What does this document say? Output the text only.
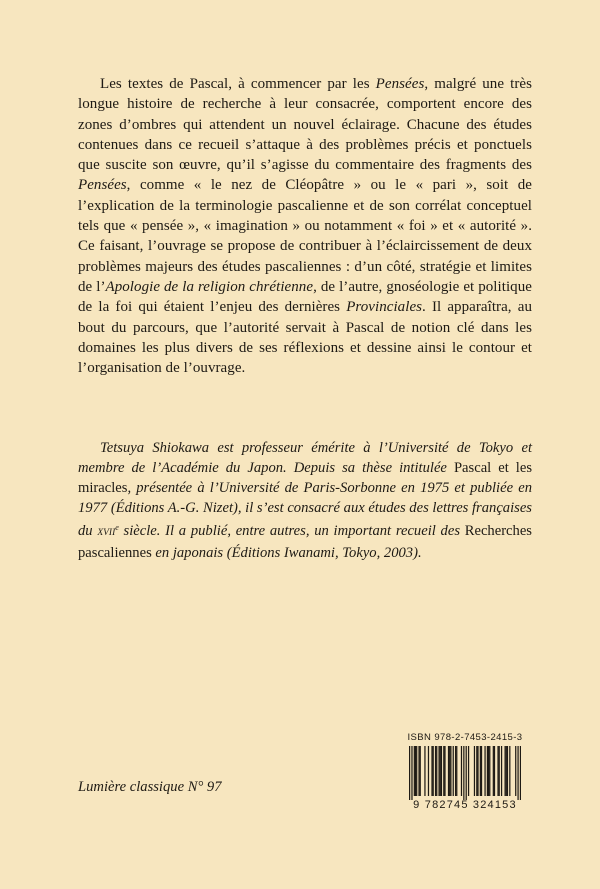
Les textes de Pascal, à commencer par les Pensées, malgré une très longue histoire de recherche à leur consacrée, comportent encore des zones d’ombres qui attendent un nouvel éclairage. Chacune des études contenues dans ce recueil s’attaque à des problèmes précis et ponctuels que suscite son œuvre, qu’il s’agisse du commentaire des fragments des Pensées, comme « le nez de Cléopâtre » ou le « pari », soit de l’explication de la terminologie pascalienne et de son corrélat conceptuel tels que « pensée », « imagination » ou notamment « foi » et « autorité ». Ce faisant, l’ouvrage se propose de contribuer à l’éclaircissement de deux problèmes majeurs des études pascaliennes : d’un côté, stratégie et limites de l’Apologie de la religion chrétienne, de l’autre, gnoséologie et politique de la foi qui étaient l’enjeu des dernières Provinciales. Il apparaîtra, au bout du parcours, que l’autorité servait à Pascal de notion clé dans les domaines les plus divers de ses réflexions et dessine ainsi le contour et l’organisation de l’ouvrage.

Tetsuya Shiokawa est professeur émérite à l’Université de Tokyo et membre de l’Académie du Japon. Depuis sa thèse intitulée Pascal et les miracles, présentée à l’Université de Paris-Sorbonne en 1975 et publiée en 1977 (Éditions A.-G. Nizet), il s’est consacré aux études des lettres françaises du XVIIe siècle. Il a publié, entre autres, un important recueil des Recherches pascaliennes en japonais (Éditions Iwanami, Tokyo, 2003).

Lumière classique N° 97
ISBN 978-2-7453-2415-3
9 782745 324153
